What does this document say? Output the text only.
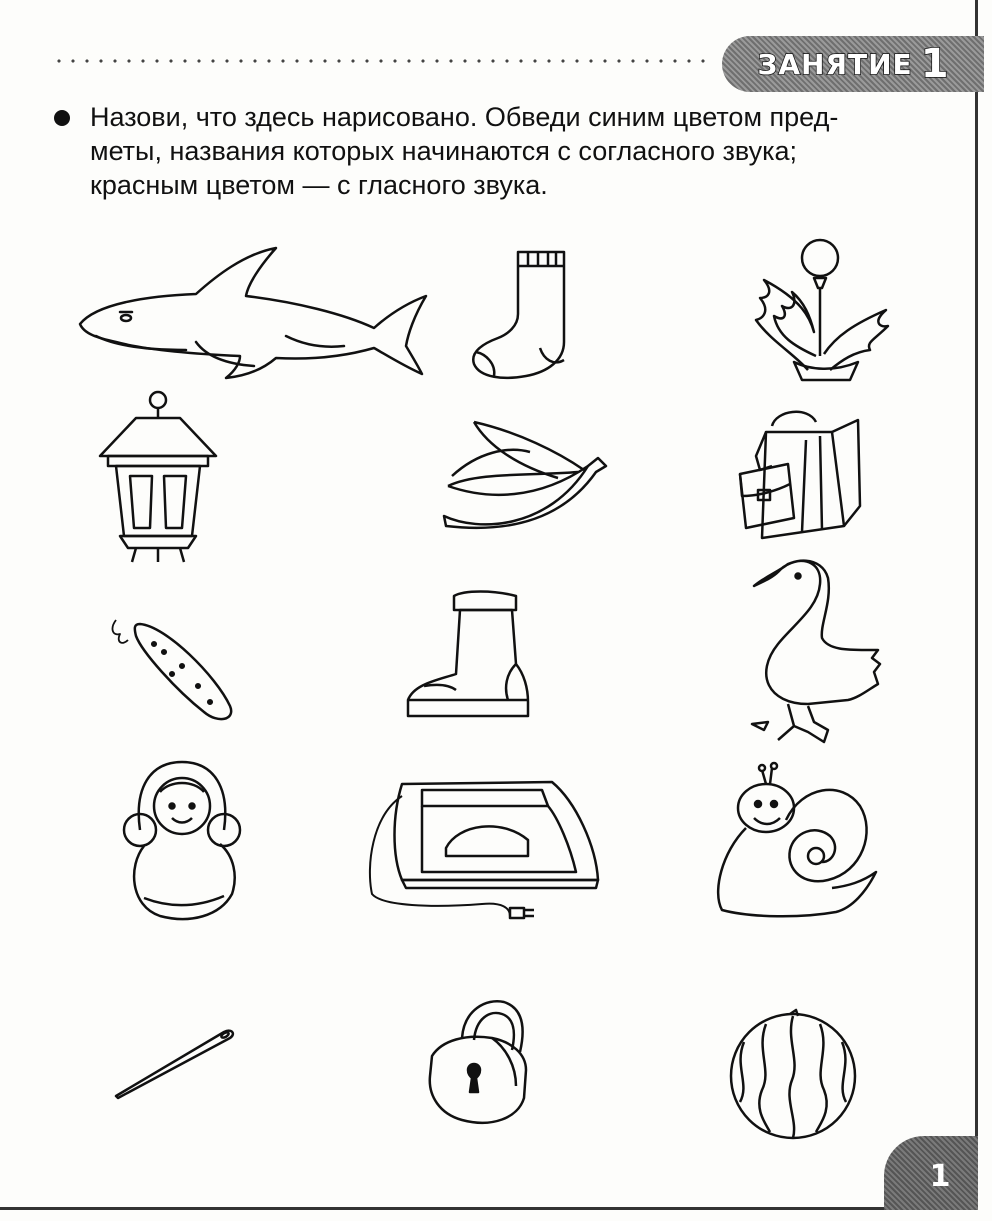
ЗАНЯТИЕ 1

Назови, что здесь нарисовано. Обведи синим цветом пред-
меты, названия которых начинаются с согласного звука;
красным цветом — с гласного звука.

1
